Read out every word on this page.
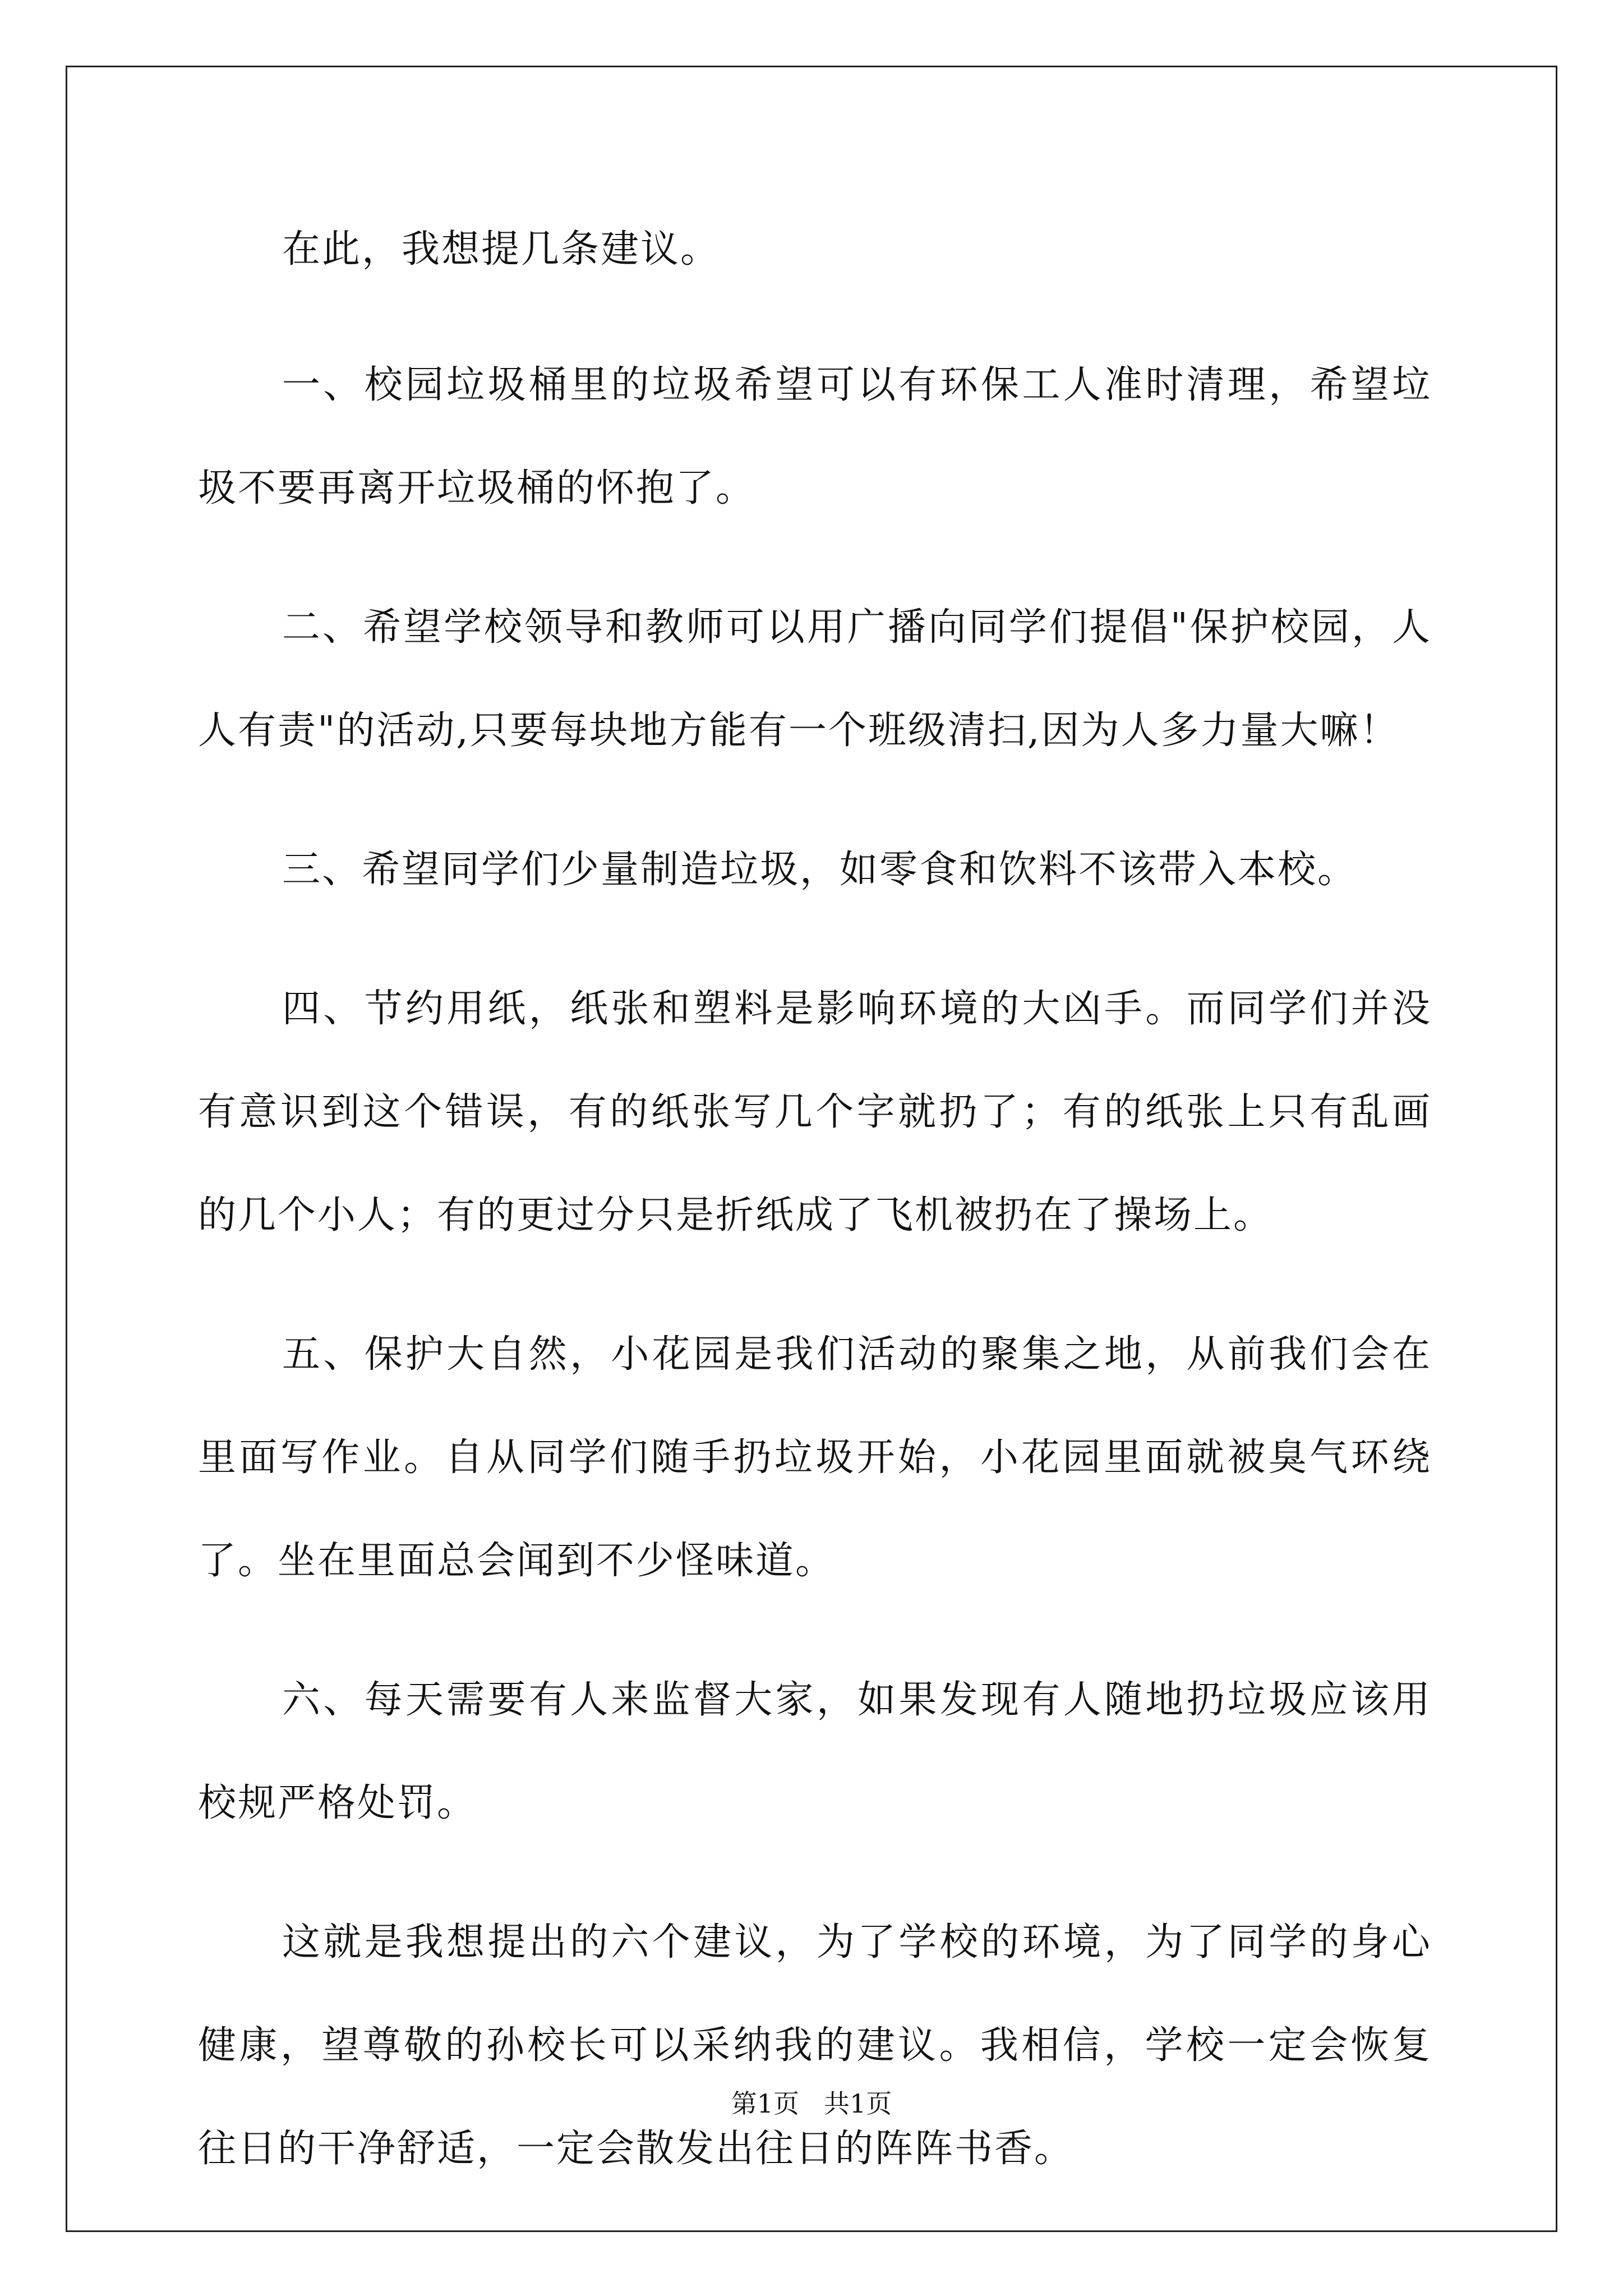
在此，我想提几条建议。

一、校园垃圾桶里的垃圾希望可以有环保工人准时清理，希望垃圾不要再离开垃圾桶的怀抱了。

二、希望学校领导和教师可以用广播向同学们提倡"保护校园，人人有责"的活动,只要每块地方能有一个班级清扫,因为人多力量大嘛！

三、希望同学们少量制造垃圾，如零食和饮料不该带入本校。

四、节约用纸，纸张和塑料是影响环境的大凶手。而同学们并没有意识到这个错误，有的纸张写几个字就扔了；有的纸张上只有乱画的几个小人；有的更过分只是折纸成了飞机被扔在了操场上。

五、保护大自然，小花园是我们活动的聚集之地，从前我们会在里面写作业。自从同学们随手扔垃圾开始，小花园里面就被臭气环绕了。坐在里面总会闻到不少怪味道。

六、每天需要有人来监督大家，如果发现有人随地扔垃圾应该用校规严格处罚。

这就是我想提出的六个建议，为了学校的环境，为了同学的身心健康，望尊敬的孙校长可以采纳我的建议。我相信，学校一定会恢复往日的干净舒适，一定会散发出往日的阵阵书香。

第1页 共1页
